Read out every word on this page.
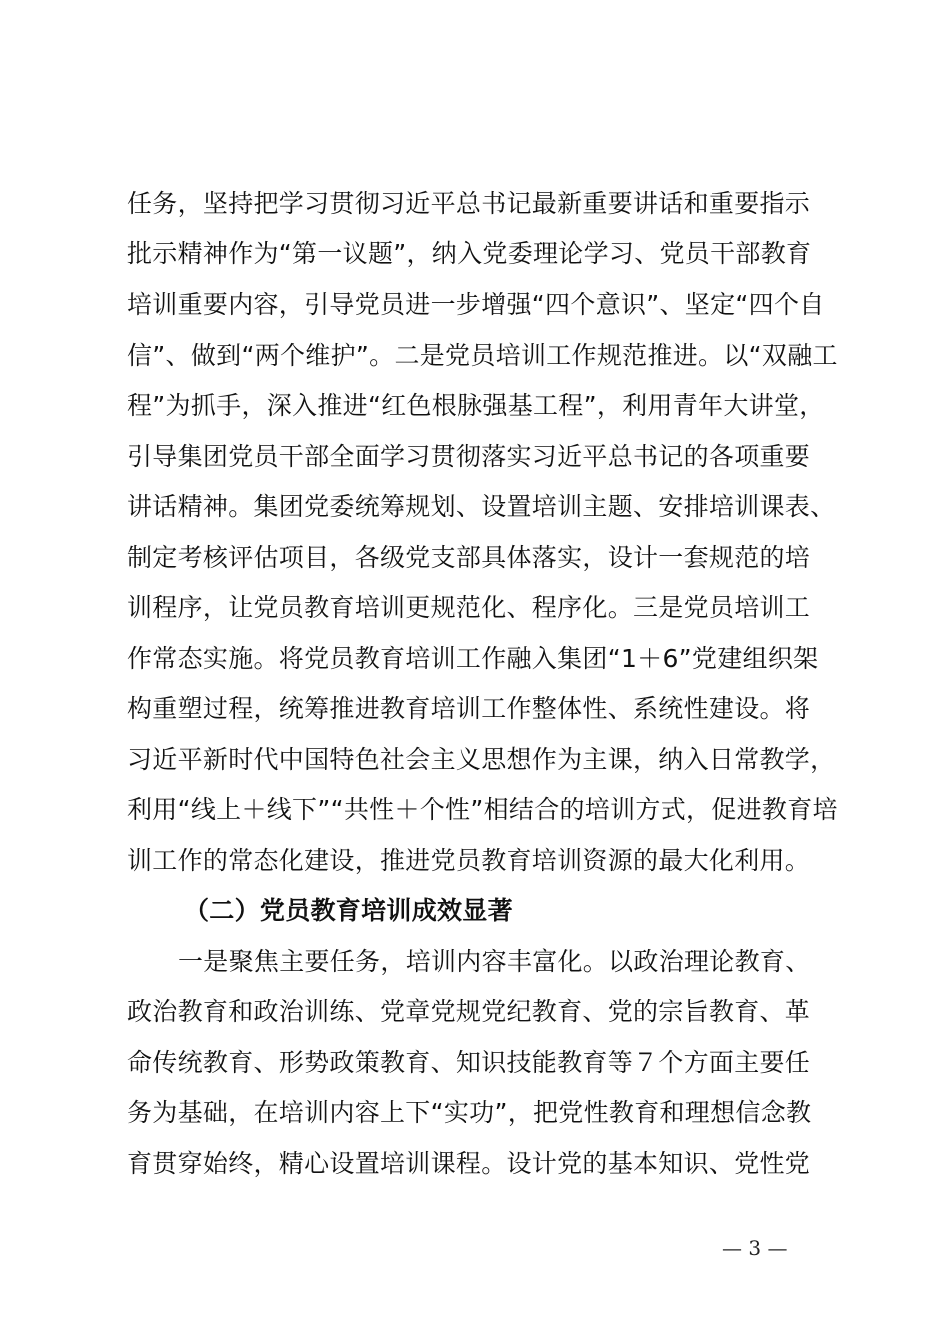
任务，坚持把学习贯彻习近平总书记最新重要讲话和重要指示
批示精神作为“第一议题”，纳入党委理论学习、党员干部教育
培训重要内容，引导党员进一步增强“四个意识”、坚定“四个自
信”、做到“两个维护”。二是党员培训工作规范推进。以“双融工
程”为抓手，深入推进“红色根脉强基工程”，利用青年大讲堂，
引导集团党员干部全面学习贯彻落实习近平总书记的各项重要
讲话精神。集团党委统筹规划、设置培训主题、安排培训课表、
制定考核评估项目，各级党支部具体落实，设计一套规范的培
训程序，让党员教育培训更规范化、程序化。三是党员培训工
作常态实施。将党员教育培训工作融入集团“1＋6”党建组织架
构重塑过程，统筹推进教育培训工作整体性、系统性建设。将
习近平新时代中国特色社会主义思想作为主课，纳入日常教学，
利用“线上＋线下”“共性＋个性”相结合的培训方式，促进教育培
训工作的常态化建设，推进党员教育培训资源的最大化利用。
（二）党员教育培训成效显著
一是聚焦主要任务，培训内容丰富化。以政治理论教育、
政治教育和政治训练、党章党规党纪教育、党的宗旨教育、革
命传统教育、形势政策教育、知识技能教育等７个方面主要任
务为基础，在培训内容上下“实功”，把党性教育和理想信念教
育贯穿始终，精心设置培训课程。设计党的基本知识、党性党
— 3 —
